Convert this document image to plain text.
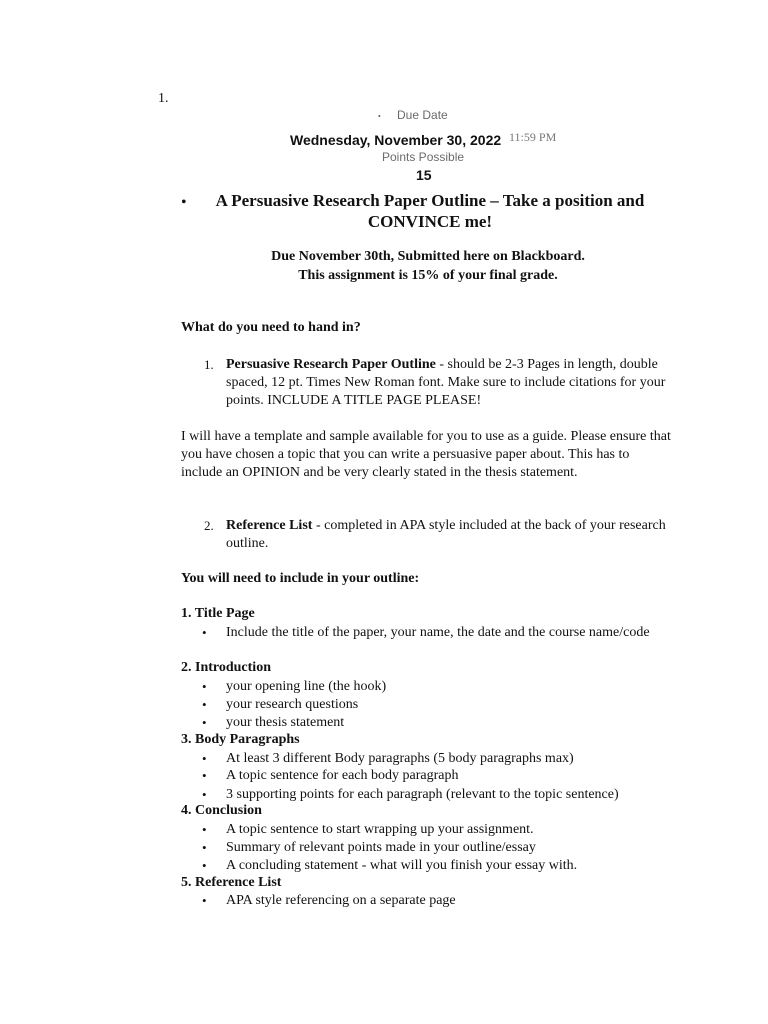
1.

• Due Date
Wednesday, November 30, 2022 11:59 PM
Points Possible
15
•	A Persuasive Research Paper Outline – Take a position and CONVINCE me!
Due November 30th, Submitted here on Blackboard.
This assignment is 15% of your final grade.
What do you need to hand in?
1. Persuasive Research Paper Outline - should be 2-3 Pages in length, double spaced, 12 pt. Times New Roman font. Make sure to include citations for your points. INCLUDE A TITLE PAGE PLEASE!
I will have a template and sample available for you to use as a guide. Please ensure that you have chosen a topic that you can write a persuasive paper about. This has to include an OPINION and be very clearly stated in the thesis statement.
2. Reference List - completed in APA style included at the back of your research outline.
You will need to include in your outline:
1. Title Page
• Include the title of the paper, your name, the date and the course name/code
2. Introduction
• your opening line (the hook)
• your research questions
• your thesis statement
3. Body Paragraphs
• At least 3 different Body paragraphs (5 body paragraphs max)
• A topic sentence for each body paragraph
• 3 supporting points for each paragraph (relevant to the topic sentence)
4. Conclusion
• A topic sentence to start wrapping up your assignment.
• Summary of relevant points made in your outline/essay
• A concluding statement - what will you finish your essay with.
5. Reference List
• APA style referencing on a separate page
